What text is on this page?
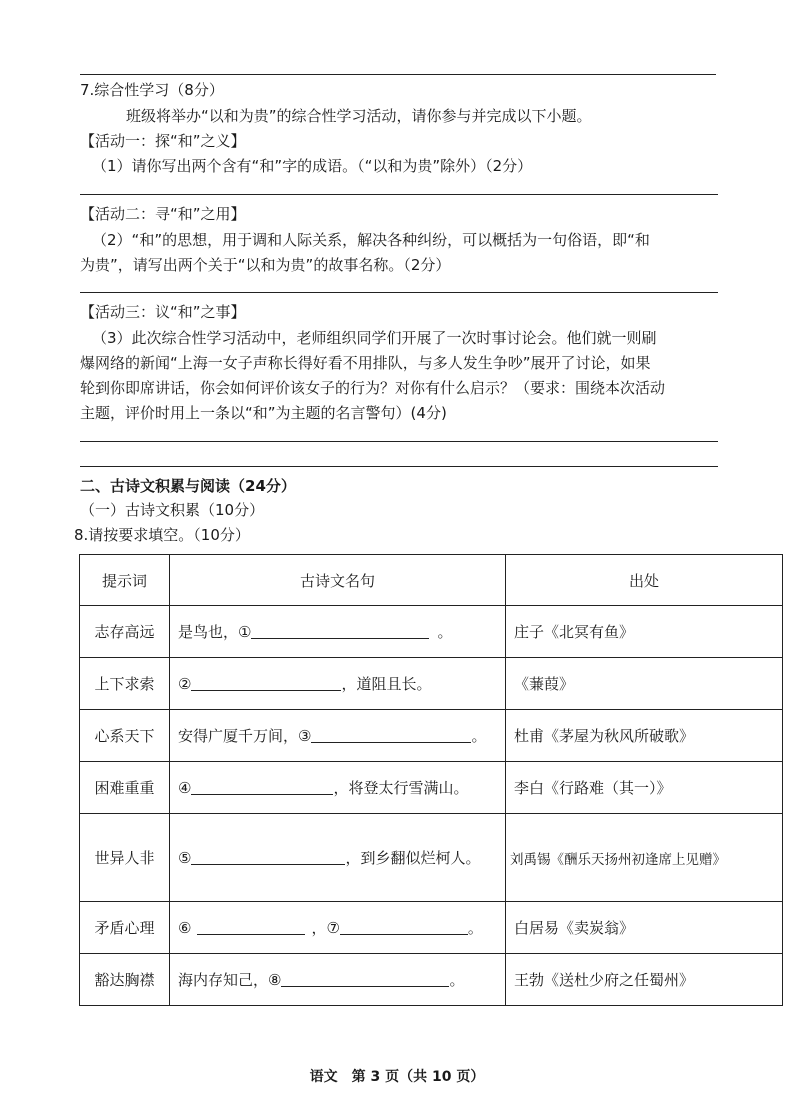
7.综合性学习（8分）
班级将举办“以和为贵”的综合性学习活动，请你参与并完成以下小题。
【活动一：探“和”之义】
（1）请你写出两个含有“和”字的成语。（“以和为贵”除外）（2分）
【活动二：寻“和”之用】
（2）“和”的思想，用于调和人际关系，解决各种纠纷，可以概括为一句俗语，即“和
为贵”，请写出两个关于“以和为贵”的故事名称。（2分）
【活动三：议“和”之事】
（3）此次综合性学习活动中，老师组织同学们开展了一次时事讨论会。他们就一则刷
爆网络的新闻“上海一女子声称长得好看不用排队，与多人发生争吵”展开了讨论，如果
轮到你即席讲话，你会如何评价该女子的行为？对你有什么启示？（要求：围绕本次活动
主题，评价时用上一条以“和”为主题的名言警句）(4分)
二、古诗文积累与阅读（24分）
（一）古诗文积累（10分）
8.请按要求填空。（10分）
提示词	古诗文名句	出处
志存高远	是鸟也，① 。	庄子《北冥有鱼》
上下求索	② ，道阻且长。	《蒹葭》
心系天下	安得广厦千万间，③ 。	杜甫《茅屋为秋风所破歌》
困难重重	④ ，将登太行雪满山。	李白《行路难（其一）》
世异人非	⑤ ，到乡翻似烂柯人。	刘禹锡《酬乐天扬州初逢席上见赠》
矛盾心理	⑥ ，⑦ 。	白居易《卖炭翁》
豁达胸襟	海内存知己，⑧ 。	王勃《送杜少府之任蜀州》
语文　第 3 页（共 10 页）
